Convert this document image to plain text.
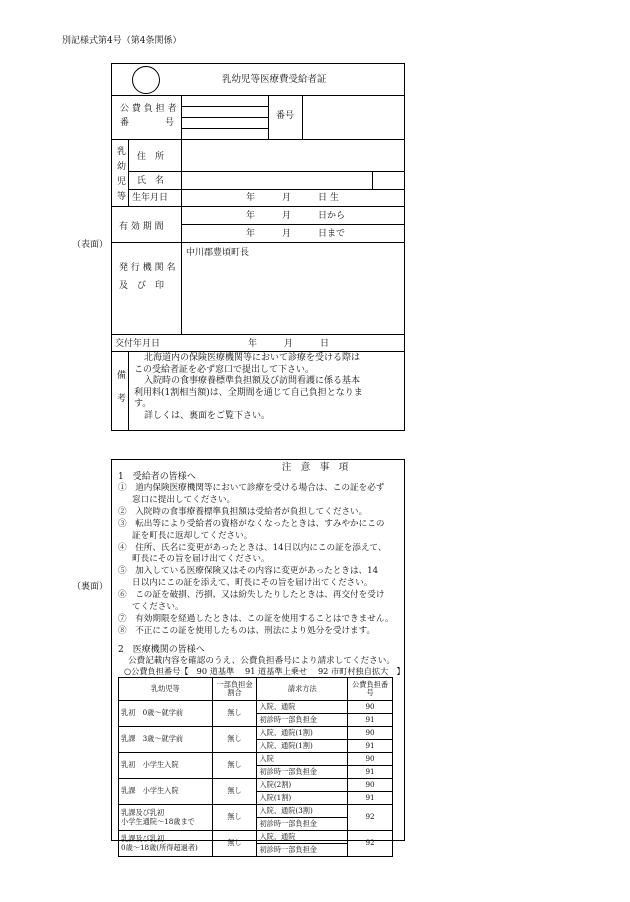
別記様式第4号（第4条関係）
（表面）
（裏面）
乳幼児等医療費受給者証
公 費 負 担 者
番　　　　号
番号
乳幼児等 住　所
氏　名
生年月日	年　　　月　　　日 生
有 効 期 間
年　　　月　　　日から
年　　　月　　　日まで
発 行 機 関 名
及　び　印
中川郡豊頃町長
交付年月日	年　　　月　　　日
備考

北海道内の保険医療機関等において診療を受ける際は

この受給者証を必ず窓口で提出して下さい。

入院時の食事療養標準負担額及び訪問看護に係る基本

利用料(1割相当額)は、全期間を通じて自己負担となりま

す。

詳しくは、裏面をご覧下さい。

注　意　事　項
1　受給者の皆様へ

①　道内保険医療機関等において診療を受ける場合は、この証を必ず

窓口に提出してください。

②　入院時の食事療養標準負担額は受給者が負担してください。

③　転出等により受給者の資格がなくなったときは、すみやかにこの

証を町長に返却してください。

④　住所、氏名に変更があったときは、14日以内にこの証を添えて、

町長にその旨を届け出てください。

⑤　加入している医療保険又はその内容に変更があったときは、14

日以内にこの証を添えて、町長にその旨を届け出てください。

⑥　この証を破損、汚損、又は紛失したりしたときは、再交付を受け

てください。

⑦　有効期限を経過したときは、この証を使用することはできません。

⑧　不正にこの証を使用したものは、刑法により処分を受けます。

2　医療機関の皆様へ
公費記載内容を確認のうえ、公費負担番号により請求してください。
○公費負担番号【　90 道基準　 91 道基準上乗せ　 92 市町村独自拡大　】
乳幼児等	一部負担金割合	請求方法	公費負担番号
乳初　0歳～就学前	無し	入院、通院	90
		初診時一部負担金	91
乳課　3歳～就学前	無し	入院、通院(1割)	90
		入院、通院(1割)	91
乳初　小学生入院	無し	入院	90
		初診時一部負担金	91
乳課　小学生入院	無し	入院(2割)	90
		入院(1割)	91
乳課及び乳初
小学生通院～18歳まで	無し	入院、通院(3割)	92
		初診時一部負担金	
乳課及び乳初
0歳～18歳(所得超過者)	無し	入院、通院	92
		初診時一部負担金	
